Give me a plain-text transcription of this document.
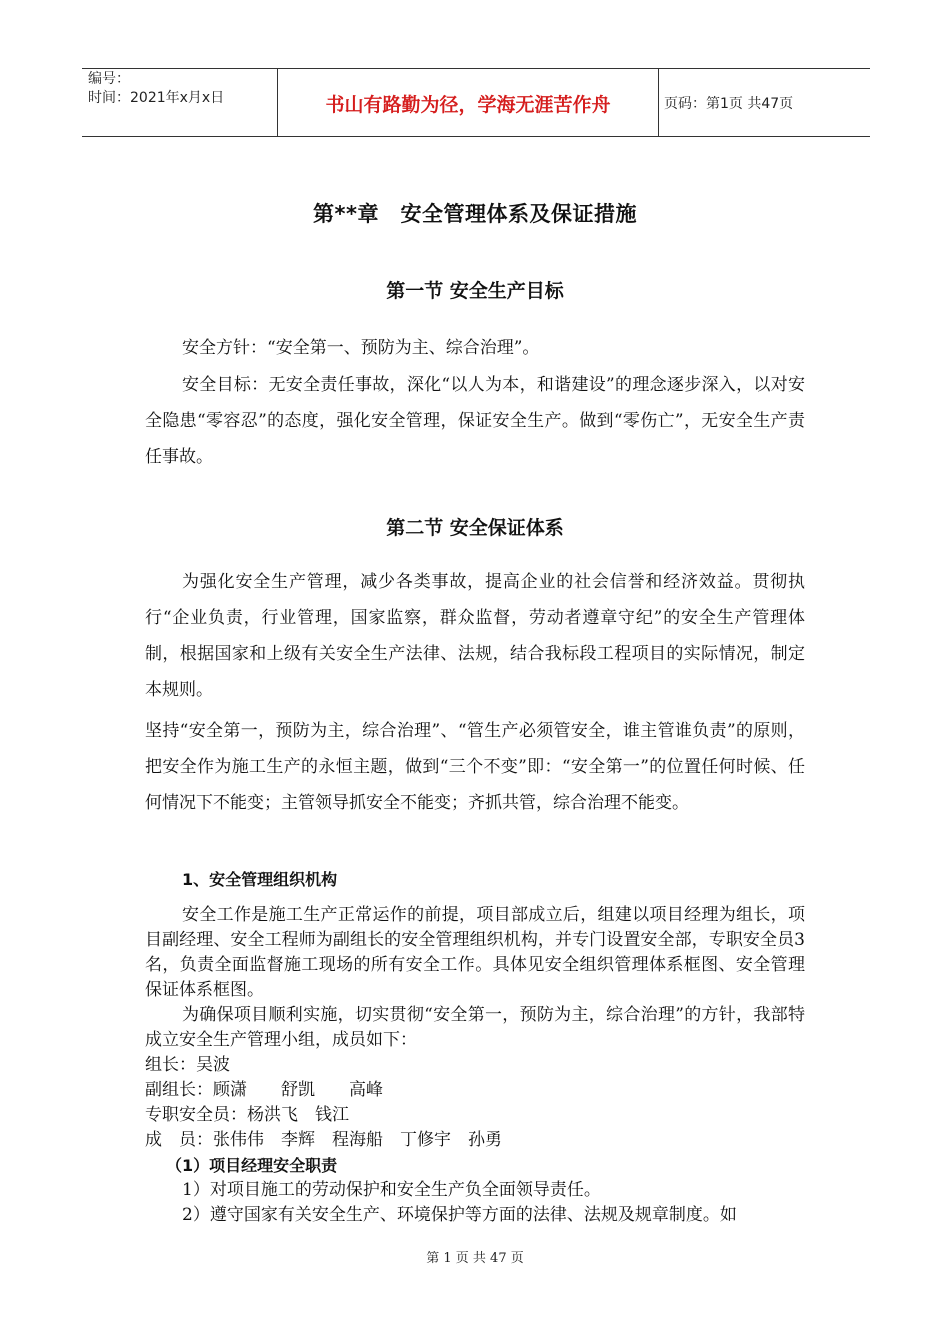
编号：
时间：2021年x月x日	书山有路勤为径，学海无涯苦作舟	页码：第1页 共47页
第**章　安全管理体系及保证措施
第一节 安全生产目标
安全方针：“安全第一、预防为主、综合治理”。
安全目标：无安全责任事故，深化“以人为本，和谐建设”的理念逐步深入，以对安全隐患“零容忍”的态度，强化安全管理，保证安全生产。做到“零伤亡”，无安全生产责任事故。
第二节 安全保证体系
为强化安全生产管理，减少各类事故，提高企业的社会信誉和经济效益。贯彻执行“企业负责，行业管理，国家监察，群众监督，劳动者遵章守纪”的安全生产管理体制，根据国家和上级有关安全生产法律、法规，结合我标段工程项目的实际情况，制定本规则。
坚持“安全第一，预防为主，综合治理”、“管生产必须管安全，谁主管谁负责”的原则，把安全作为施工生产的永恒主题，做到“三个不变”即：“安全第一”的位置任何时候、任何情况下不能变；主管领导抓安全不能变；齐抓共管，综合治理不能变。
1、安全管理组织机构
安全工作是施工生产正常运作的前提，项目部成立后，组建以项目经理为组长，项目副经理、安全工程师为副组长的安全管理组织机构，并专门设置安全部，专职安全员3名，负责全面监督施工现场的所有安全工作。具体见安全组织管理体系框图、安全管理保证体系框图。
为确保项目顺利实施，切实贯彻“安全第一，预防为主，综合治理”的方针，我部特成立安全生产管理小组，成员如下：
组长：吴波
副组长：顾潇　　舒凯　　高峰
专职安全员：杨洪飞　钱江
成　员：张伟伟　李辉　程海船　丁修宇　孙勇
（1）项目经理安全职责
1）对项目施工的劳动保护和安全生产负全面领导责任。
2）遵守国家有关安全生产、环境保护等方面的法律、法规及规章制度。如
第 1 页 共 47 页
